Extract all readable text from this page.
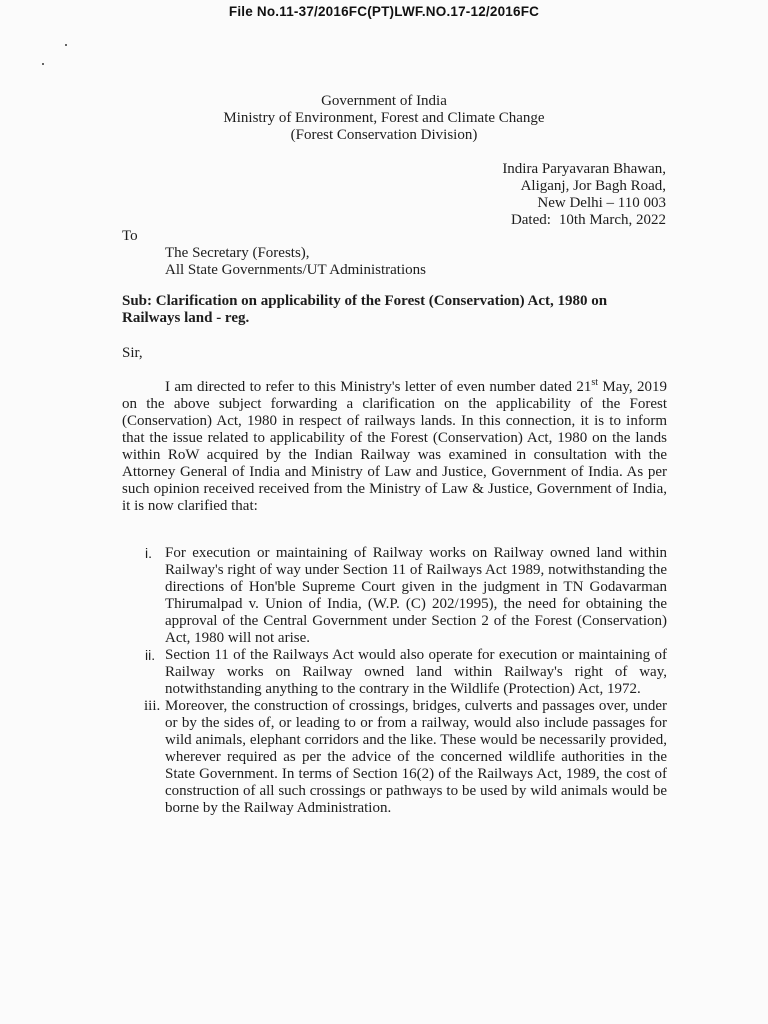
File No.11-37/2016FC(PT)LWF.NO.17-12/2016FC
Government of India
Ministry of Environment, Forest and Climate Change
(Forest Conservation Division)
Indira Paryavaran Bhawan,
Aliganj, Jor Bagh Road,
New Delhi – 110 003
Dated: 10th March, 2022
To
The Secretary (Forests),
All State Governments/UT Administrations
Sub: Clarification on applicability of the Forest (Conservation) Act, 1980 on Railways land - reg.
Sir,
I am directed to refer to this Ministry's letter of even number dated 21st May, 2019 on the above subject forwarding a clarification on the applicability of the Forest (Conservation) Act, 1980 in respect of railways lands. In this connection, it is to inform that the issue related to applicability of the Forest (Conservation) Act, 1980 on the lands within RoW acquired by the Indian Railway was examined in consultation with the Attorney General of India and Ministry of Law and Justice, Government of India. As per such opinion received received from the Ministry of Law & Justice, Government of India, it is now clarified that:
i. For execution or maintaining of Railway works on Railway owned land within Railway's right of way under Section 11 of Railways Act 1989, notwithstanding the directions of Hon'ble Supreme Court given in the judgment in TN Godavarman Thirumalpad v. Union of India, (W.P. (C) 202/1995), the need for obtaining the approval of the Central Government under Section 2 of the Forest (Conservation) Act, 1980 will not arise.
ii. Section 11 of the Railways Act would also operate for execution or maintaining of Railway works on Railway owned land within Railway's right of way, notwithstanding anything to the contrary in the Wildlife (Protection) Act, 1972.
iii. Moreover, the construction of crossings, bridges, culverts and passages over, under or by the sides of, or leading to or from a railway, would also include passages for wild animals, elephant corridors and the like. These would be necessarily provided, wherever required as per the advice of the concerned wildlife authorities in the State Government. In terms of Section 16(2) of the Railways Act, 1989, the cost of construction of all such crossings or pathways to be used by wild animals would be borne by the Railway Administration.
